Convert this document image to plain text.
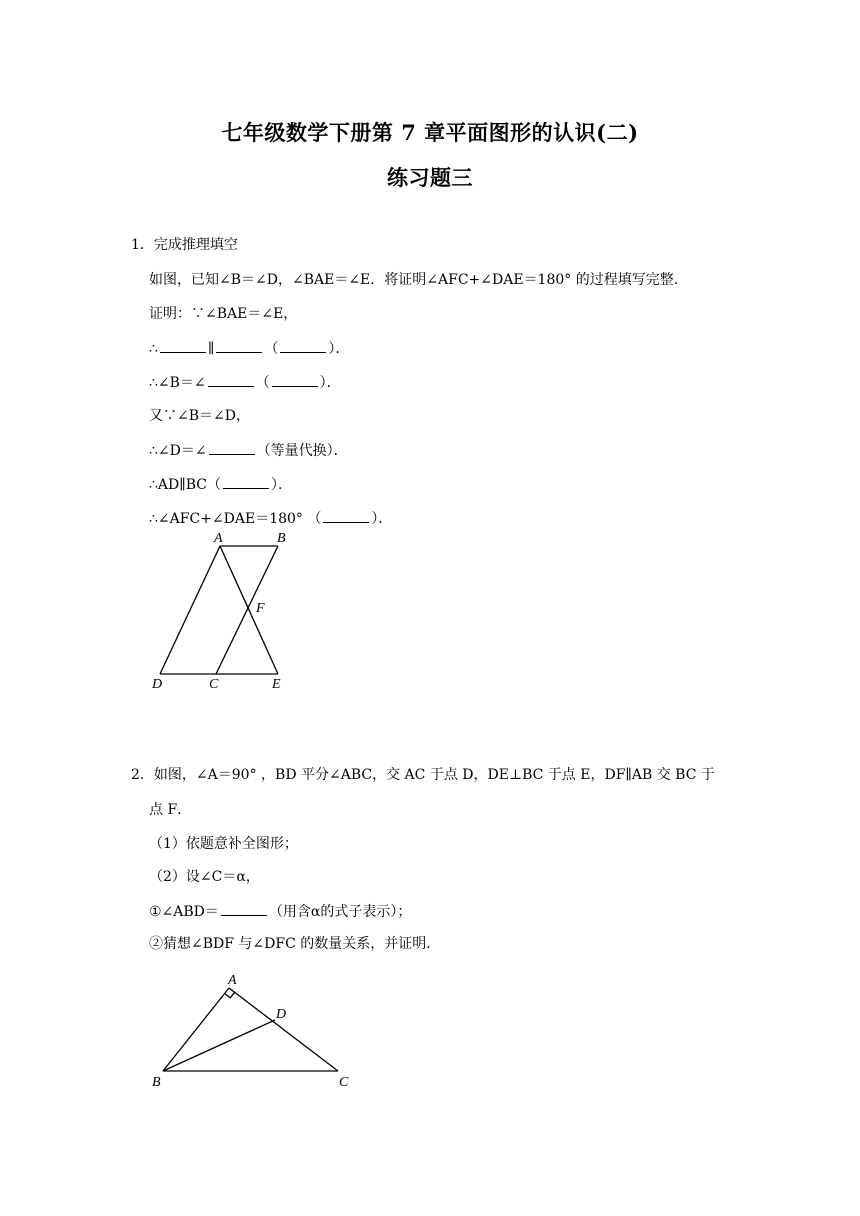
七年级数学下册第 7 章平面图形的认识(二)
练习题三
1．完成推理填空
如图，已知∠B＝∠D，∠BAE＝∠E．将证明∠AFC+∠DAE＝180° 的过程填写完整．
证明：∵∠BAE＝∠E，
∴	∥	（	）．
∴∠B＝∠	（	）．
又∵∠B＝∠D，
∴∠D＝∠	（等量代换）．
∴AD∥BC（	）．
∴∠AFC+∠DAE＝180° （	）．
A	B
F
D	C	E
2．如图，∠A＝90° ，BD 平分∠ABC，交 AC 于点 D，DE⊥BC 于点 E，DF∥AB 交 BC 于
点 F．
（1）依题意补全图形；
（2）设∠C＝α，
①∠ABD＝	（用含α的式子表示）；
②猜想∠BDF 与∠DFC 的数量关系，并证明．
A
D
B	C
